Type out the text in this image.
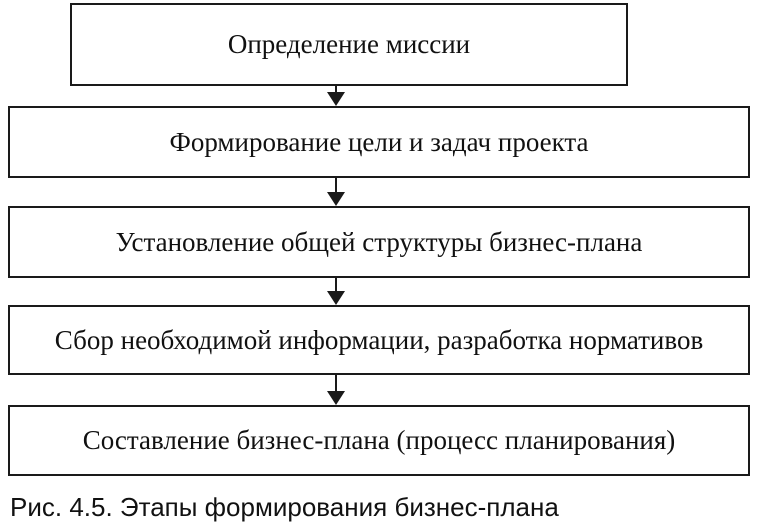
Определение миссии
Формирование цели и задач проекта
Установление общей структуры бизнес-плана
Сбор необходимой информации, разработка нормативов
Составление бизнес-плана (процесс планирования)
Рис. 4.5. Этапы формирования бизнес-плана
